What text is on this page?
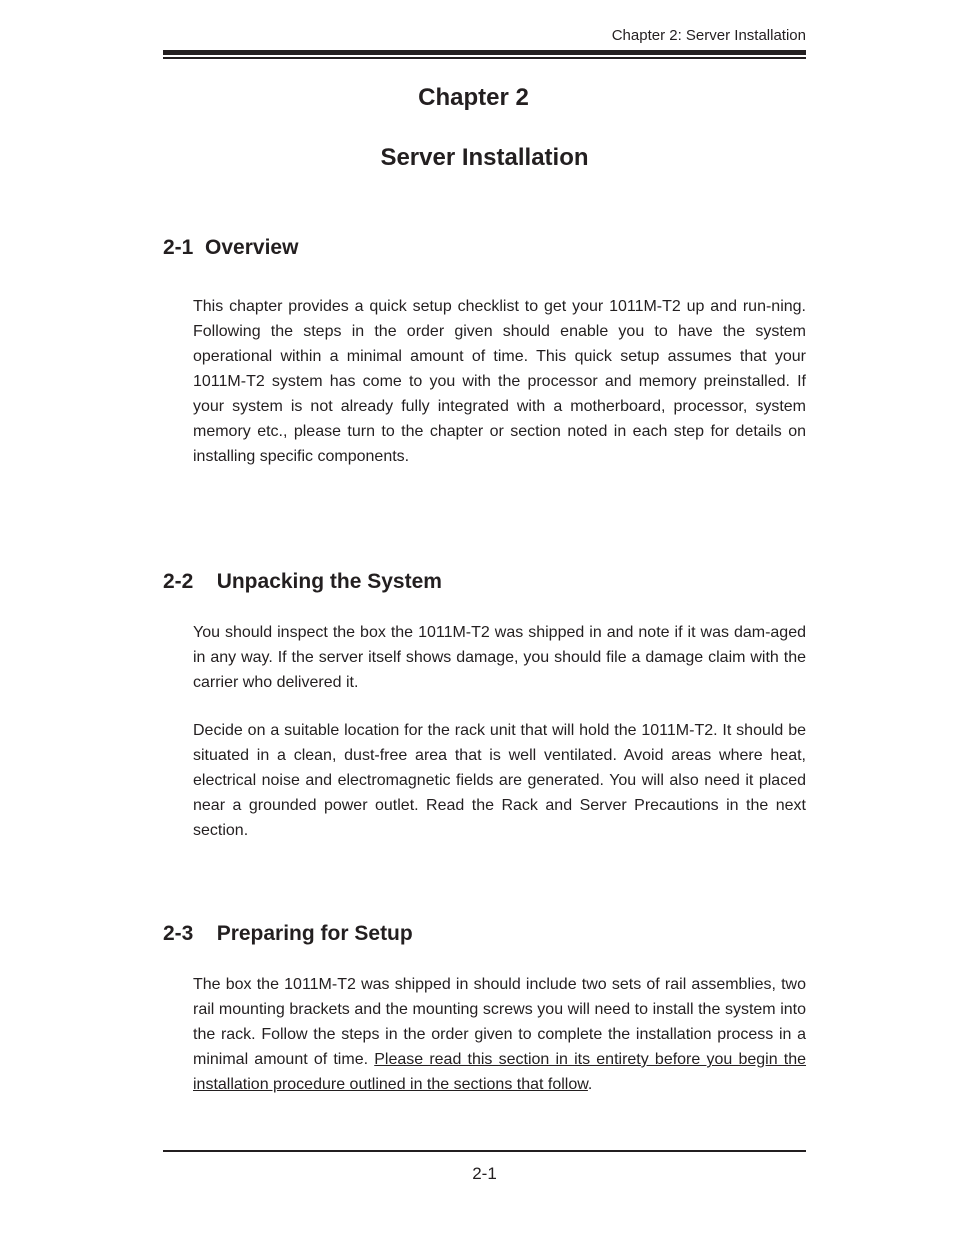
Chapter 2: Server Installation
Chapter 2
Server Installation
2-1  Overview

This chapter provides a quick setup checklist to get your 1011M-T2 up and run-ning. Following the steps in the order given should enable you to have the system operational within a minimal amount of time. This quick setup assumes that your 1011M-T2 system has come to you with the processor and memory preinstalled. If your system is not already fully integrated with a motherboard, processor, system memory etc., please turn to the chapter or section noted in each step for details on installing specific components.

2-2    Unpacking the System

You should inspect the box the 1011M-T2 was shipped in and note if it was dam-aged in any way. If the server itself shows damage, you should file a damage claim with the carrier who delivered it.

Decide on a suitable location for the rack unit that will hold the 1011M-T2. It should be situated in a clean, dust-free area that is well ventilated. Avoid areas where heat, electrical noise and electromagnetic fields are generated. You will also need it placed near a grounded power outlet. Read the Rack and Server Precautions in the next section.

2-3    Preparing for Setup

The box the 1011M-T2 was shipped in should include two sets of rail assemblies, two rail mounting brackets and the mounting screws you will need to install the system into the rack. Follow the steps in the order given to complete the installation process in a minimal amount of time. Please read this section in its entirety before you begin the installation procedure outlined in the sections that follow.

2-1
